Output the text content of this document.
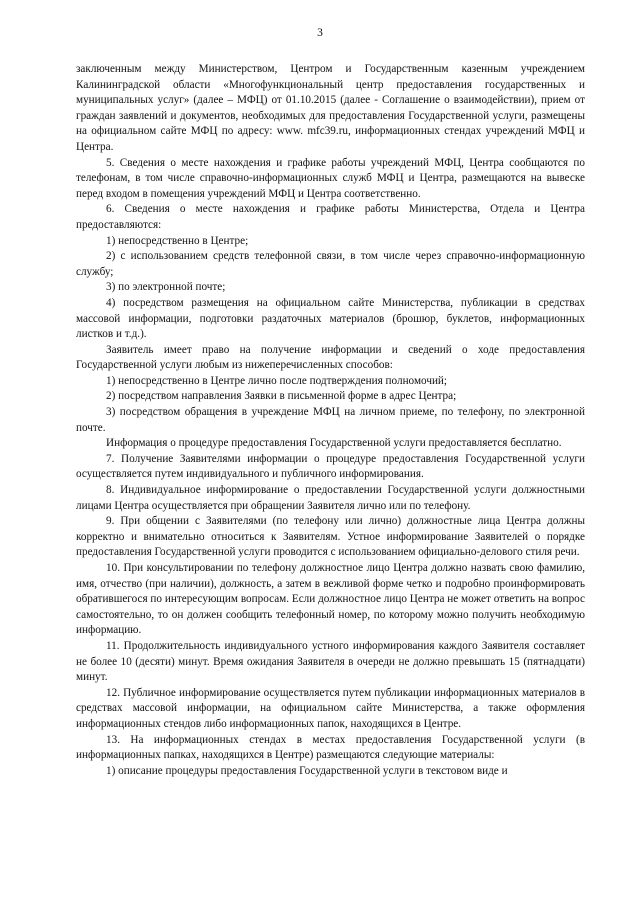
3

заключенным между Министерством, Центром и Государственным казенным учреждением Калининградской области «Многофункциональный центр предоставления государственных и муниципальных услуг» (далее – МФЦ) от 01.10.2015 (далее - Соглашение о взаимодействии), прием от граждан заявлений и документов, необходимых для предоставления Государственной услуги, размещены на официальном сайте МФЦ по адресу: www. mfc39.ru, информационных стендах учреждений МФЦ и Центра.

5. Сведения о месте нахождения и графике работы учреждений МФЦ, Центра сообщаются по телефонам, в том числе справочно-информационных служб МФЦ и Центра, размещаются на вывеске перед входом в помещения учреждений МФЦ и Центра соответственно.

6. Сведения о месте нахождения и графике работы Министерства, Отдела и Центра предоставляются:

1) непосредственно в Центре;

2) с использованием средств телефонной связи, в том числе через справочно-информационную службу;

3) по электронной почте;

4) посредством размещения на официальном сайте Министерства, публикации в средствах массовой информации, подготовки раздаточных материалов (брошюр, буклетов, информационных листков и т.д.).

Заявитель имеет право на получение информации и сведений о ходе предоставления Государственной услуги любым из нижеперечисленных способов:

1) непосредственно в Центре лично после подтверждения полномочий;

2) посредством направления Заявки в письменной форме в адрес Центра;

3) посредством обращения в учреждение МФЦ на личном приеме, по телефону, по электронной почте.

Информация о процедуре предоставления Государственной услуги предоставляется бесплатно.

7. Получение Заявителями информации о процедуре предоставления Государственной услуги осуществляется путем индивидуального и публичного информирования.

8. Индивидуальное информирование о предоставлении Государственной услуги должностными лицами Центра осуществляется при обращении Заявителя лично или по телефону.

9. При общении с Заявителями (по телефону или лично) должностные лица Центра должны корректно и внимательно относиться к Заявителям. Устное информирование Заявителей о порядке предоставления Государственной услуги проводится с использованием официально-делового стиля речи.

10. При консультировании по телефону должностное лицо Центра должно назвать свою фамилию, имя, отчество (при наличии), должность, а затем в вежливой форме четко и подробно проинформировать обратившегося по интересующим вопросам. Если должностное лицо Центра не может ответить на вопрос самостоятельно, то он должен сообщить телефонный номер, по которому можно получить необходимую информацию.

11. Продолжительность индивидуального устного информирования каждого Заявителя составляет не более 10 (десяти) минут. Время ожидания Заявителя в очереди не должно превышать 15 (пятнадцати) минут.

12. Публичное информирование осуществляется путем публикации информационных материалов в средствах массовой информации, на официальном сайте Министерства, а также оформления информационных стендов либо информационных папок, находящихся в Центре.

13. На информационных стендах в местах предоставления Государственной услуги (в информационных папках, находящихся в Центре) размещаются следующие материалы:

1) описание процедуры предоставления Государственной услуги в текстовом виде и
